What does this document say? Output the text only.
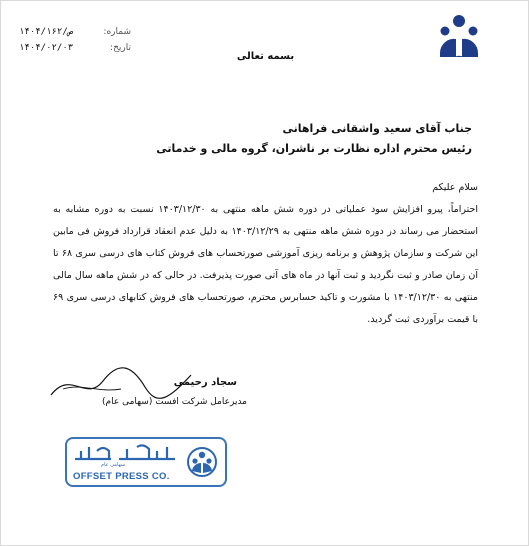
شماره:
۱۴۰۴/ص/۱۶۲
تاریخ:
۱۴۰۴/۰۲/۰۳
بسمه تعالی
جناب آقای سعید واشقانی فراهانی
رئیس محترم اداره نظارت بر ناشران، گروه مالی و خدماتی

سلام علیکم

احتراماً، پیرو افزایش سود عملیاتی در دوره شش ماهه منتهی به ۱۴۰۳/۱۲/۳۰ نسبت به دوره مشابه به استحضار می رساند در دوره شش ماهه منتهی به ۱۴۰۳/۱۲/۲۹ به دلیل عدم انعقاد قرارداد فروش فی مابین این شرکت و سازمان پژوهش و برنامه ریزی آموزشی صورتحساب های فروش کتاب های درسی سری ۶۸ تا آن زمان صادر و ثبت نگردید و ثبت آنها در ماه های آتی صورت پذیرفت. در حالی که در شش ماهه سال مالی منتهی به ۱۴۰۳/۱۲/۳۰ با مشورت و تاکید حسابرس محترم، صورتحساب های فروش کتابهای درسی سری ۶۹ با قیمت برآوردی ثبت گردید.

سجاد رحیمی
مدیرعامل شرکت افست (سهامی عام)
سهامی عام
OFFSET PRESS CO.
